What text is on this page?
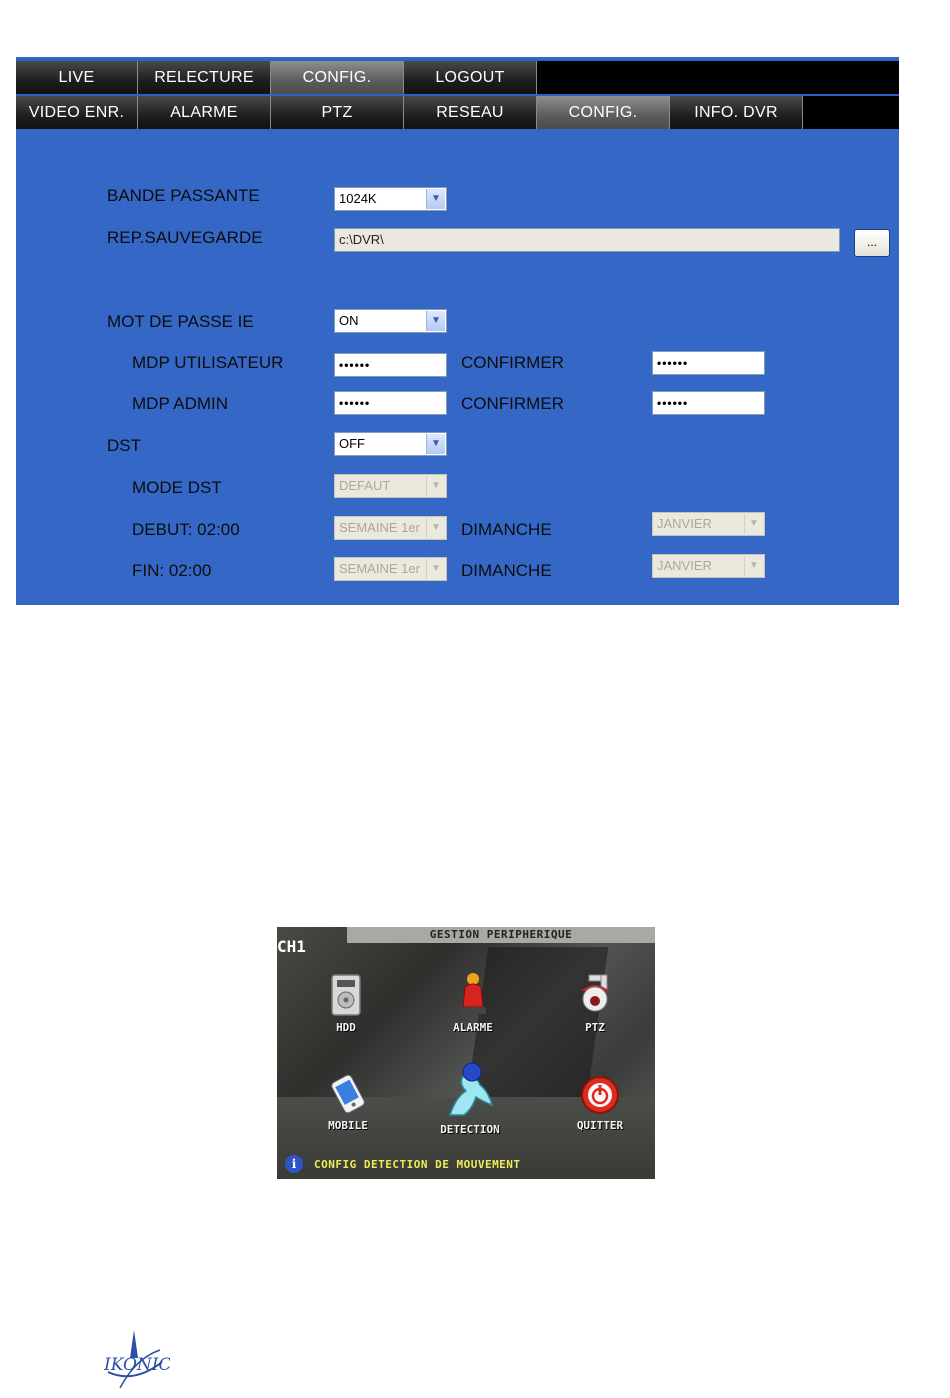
LIVE	RELECTURE	CONFIG.	LOGOUT
VIDEO ENR.	ALARME	PTZ	RESEAU	CONFIG.	INFO. DVR
BANDE PASSANTE	1024K	▼
REP.SAUVEGARDE	c:\DVR\	...
MOT DE PASSE IE	ON	▼
MDP UTILISATEUR	••••••	CONFIRMER	••••••
MDP ADMIN	••••••	CONFIRMER	••••••
DST	OFF	▼
MODE DST	DEFAUT	▼
DEBUT: 02:00	SEMAINE 1er	▼ DIMANCHE	JANVIER	▼
FIN: 02:00	SEMAINE 1er	▼ DIMANCHE	JANVIER	▼
GESTION PERIPHERIQUE
CH1
HDD	ALARME	PTZ
MOBILE	DETECTION	QUITTER
i	CONFIG DETECTION DE MOUVEMENT
IKONIC
